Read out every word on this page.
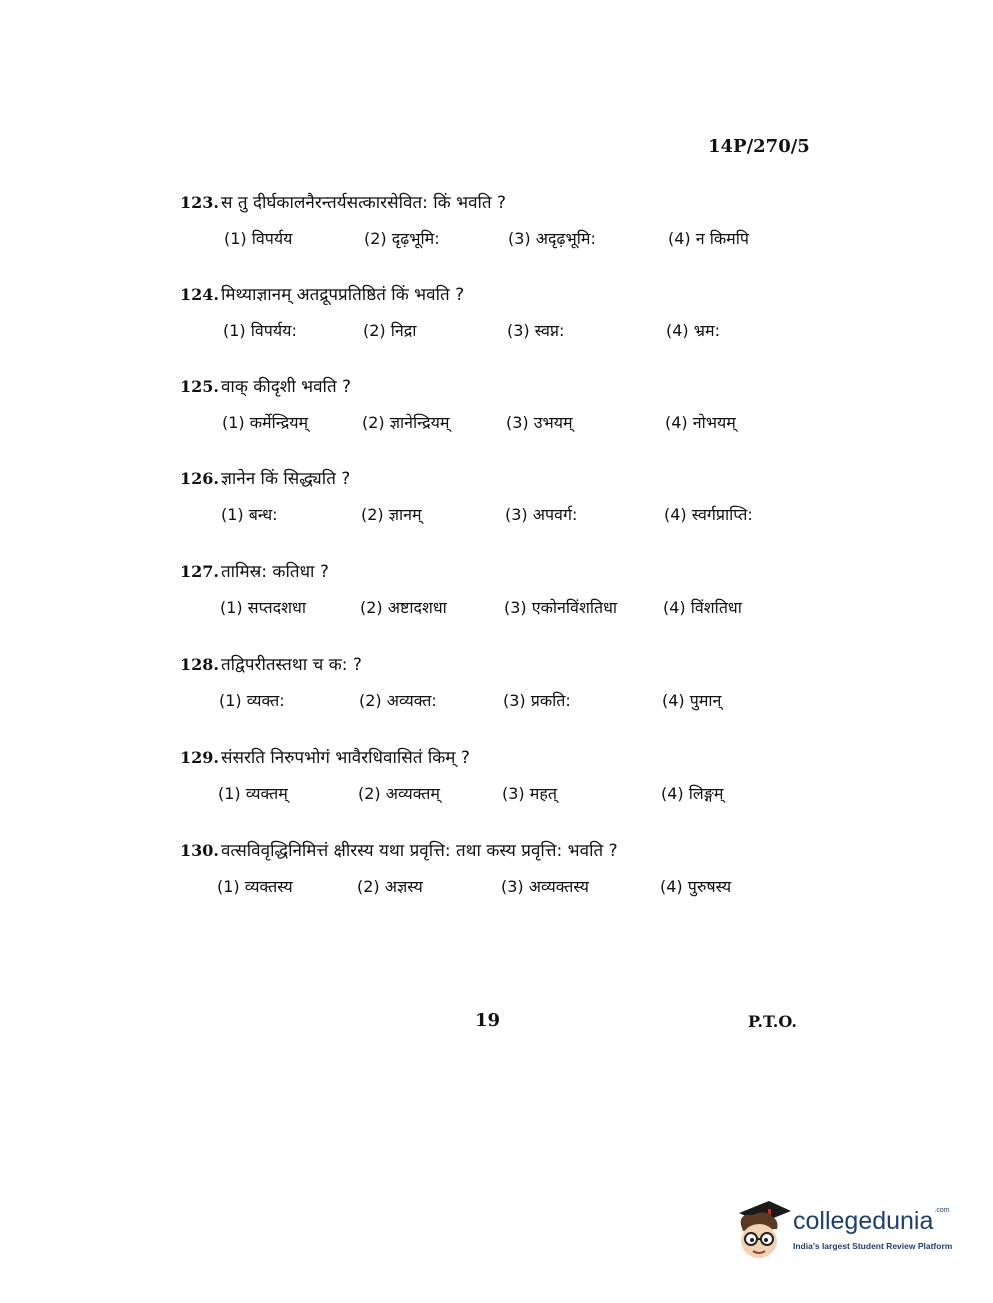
14P/270/5
123. स तु दीर्घकालनैरन्तर्यसत्कारसेवित: किं भवति ?
(1) विपर्यय	(2) दृढ़भूमि:	(3) अदृढ़भूमि:	(4) न किमपि
124. मिथ्याज्ञानम् अतद्रूपप्रतिष्ठितं किं भवति ?
(1) विपर्यय:	(2) निद्रा	(3) स्वप्न:	(4) भ्रम:
125. वाक् कीदृशी भवति ?
(1) कर्मेन्द्रियम्	(2) ज्ञानेन्द्रियम्	(3) उभयम्	(4) नोभयम्
126. ज्ञानेन किं सिद्ध्यति ?
(1) बन्ध:	(2) ज्ञानम्	(3) अपवर्ग:	(4) स्वर्गप्राप्ति:
127. तामिस्र: कतिधा ?
(1) सप्तदशधा	(2) अष्टादशधा	(3) एकोनविंशतिधा	(4) विंशतिधा
128. तद्विपरीतस्तथा च क: ?
(1) व्यक्त:	(2) अव्यक्त:	(3) प्रकति:	(4) पुमान्
129. संसरति निरुपभोगं भावैरधिवासितं किम् ?
(1) व्यक्तम्	(2) अव्यक्तम्	(3) महत्	(4) लिङ्गम्
130. वत्सविवृद्धिनिमित्तं क्षीरस्य यथा प्रवृत्ति: तथा कस्य प्रवृत्ति: भवति ?
(1) व्यक्तस्य	(2) अज्ञस्य	(3) अव्यक्तस्य	(4) पुरुषस्य
19	P.T.O.
collegedunia$^{.com}$
India's largest Student Review Platform
